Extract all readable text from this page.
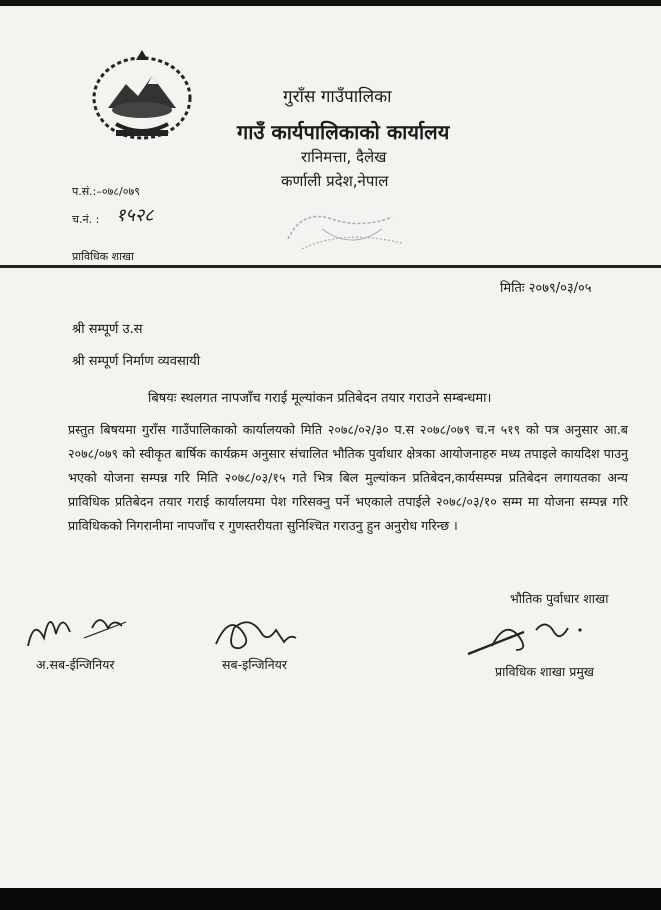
गुराँस गाउँपालिका
गाउँ कार्यपालिकाको कार्यालय
रानिमत्ता, दैलेख
कर्णाली प्रदेश,नेपाल
प.सं.:–०७८/०७९
च.नं. : १५२८
प्राविधिक शाखा
मितिः २०७९/०३/०५
श्री सम्पूर्ण उ.स
श्री सम्पूर्ण निर्माण व्यवसायी
बिषयः स्थलगत नापजाँच गराई मूल्यांकन प्रतिबेदन तयार गराउने सम्बन्धमा।

प्रस्तुत बिषयमा गुराँस गाउँपालिकाको कार्यालयको मिति २०७८/०२/३० प.स २०७८/०७९ च.न ५१९ को पत्र अनुसार आ.ब २०७८/०७९ को स्वीकृत बार्षिक कार्यक्रम अनुसार संचालित भौतिक पुर्वाधार क्षेत्रका आयोजनाहरु मध्य तपाइले कायदिश पाउनु भएको योजना सम्पन्न गरि मिति २०७८/०३/१५ गते भित्र बिल मुल्यांकन प्रतिबेदन,कार्यसम्पन्न प्रतिबेदन लगायतका अन्य प्राविधिक प्रतिबेदन तयार गराई कार्यालयमा पेश गरिसक्नु पर्ने भएकाले तपाईले २०७८/०३/१० सम्म मा योजना सम्पन्न गरि प्राविधिकको निगरानीमा नापजाँच र गुणस्तरीयता सुनिश्चित गराउनु हुन अनुरोध गरिन्छ ।

भौतिक पुर्वाधार शाखा
अ.सब-ईन्जिनियर	सब-इन्जिनियर	प्राविधिक शाखा प्रमुख
